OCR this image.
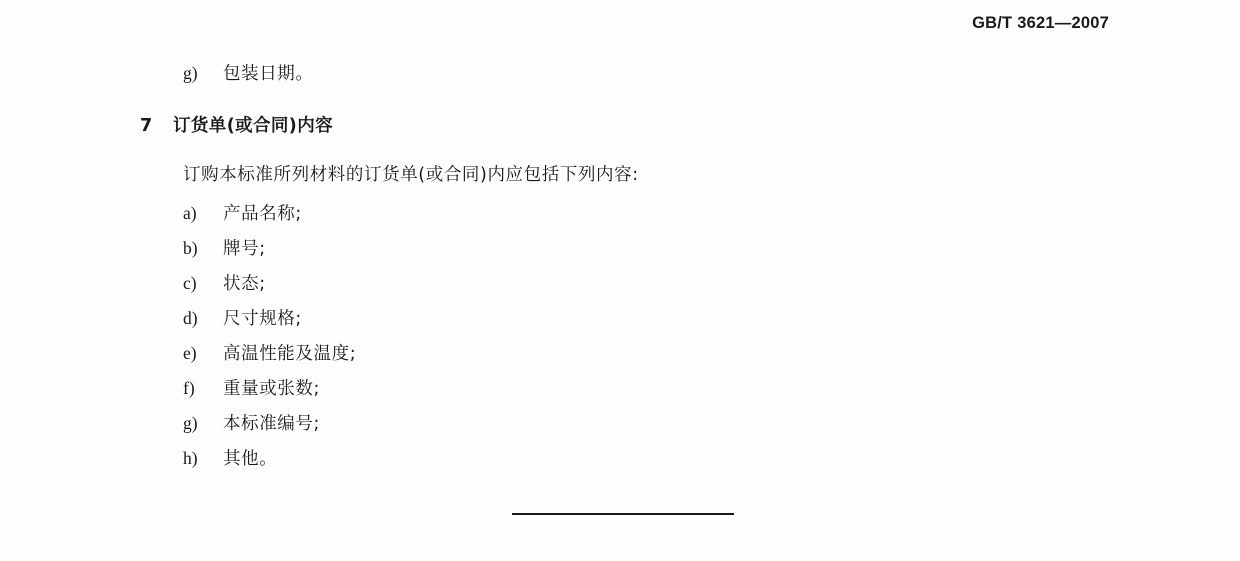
GB/T 3621—2007
g)	包装日期。
7	订货单(或合同)内容
订购本标准所列材料的订货单(或合同)内应包括下列内容:
a)	产品名称;
b)	牌号;
c)	状态;
d)	尺寸规格;
e)	高温性能及温度;
f)	重量或张数;
g)	本标准编号;
h)	其他。
